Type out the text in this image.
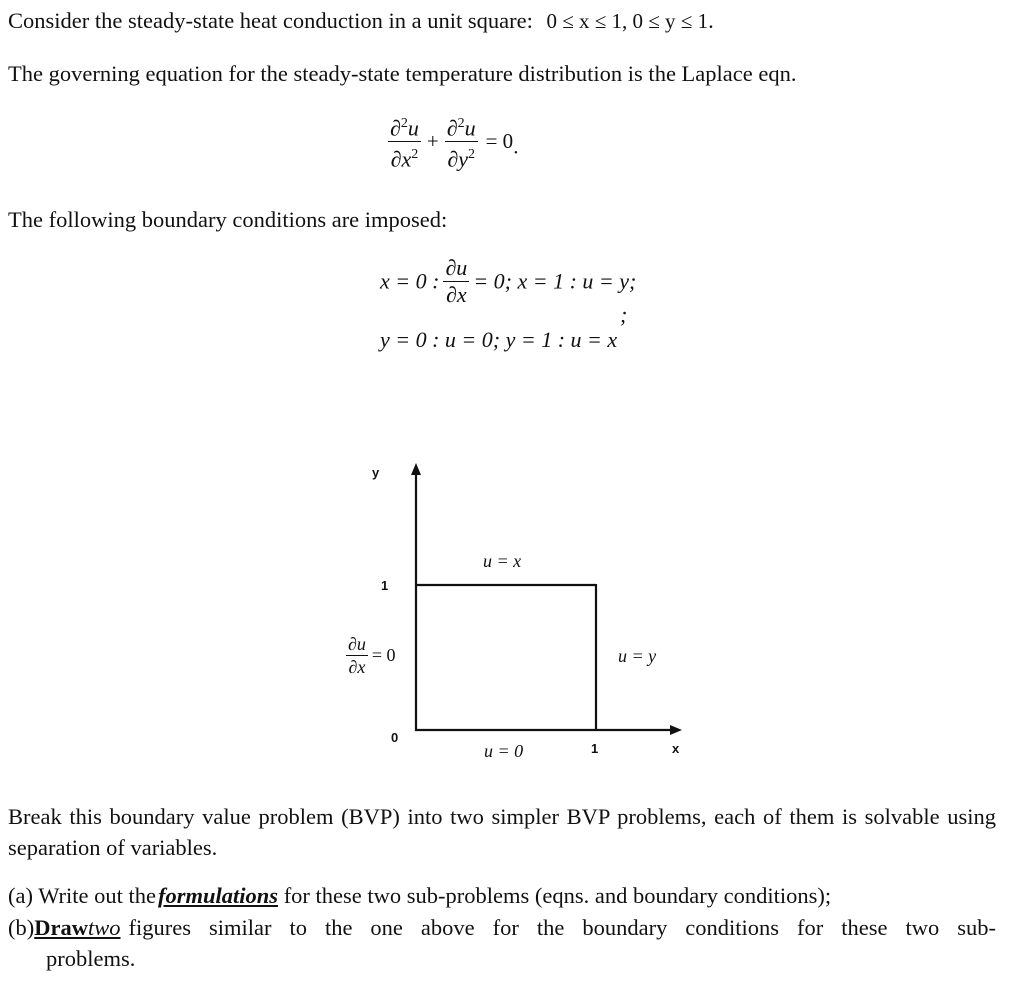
Consider the steady-state heat conduction in a unit square: 0 ≤ x ≤ 1, 0 ≤ y ≤ 1.
The governing equation for the steady-state temperature distribution is the Laplace eqn.
$\frac{\partial^2u}{\partial x^2} + \frac{\partial^2u}{\partial y^2} = 0$.
The following boundary conditions are imposed:
x = 0 : $\frac{\partial u}{\partial x} = 0$; x = 1 : u = y;
;
y = 0 : u = 0; y = 1 : u = x
y
x
1
0
1
u = x
u = y
u = 0
$\frac{\partial u}{\partial x} = 0$
Break this boundary value problem (BVP) into two simpler BVP problems, each of them is solvable using separation of variables.
(a) Write out theformulations for these two sub-problems (eqns. and boundary conditions);
(b) Draw two figures similar to the one above for the boundary conditions for these two sub-
problems.
